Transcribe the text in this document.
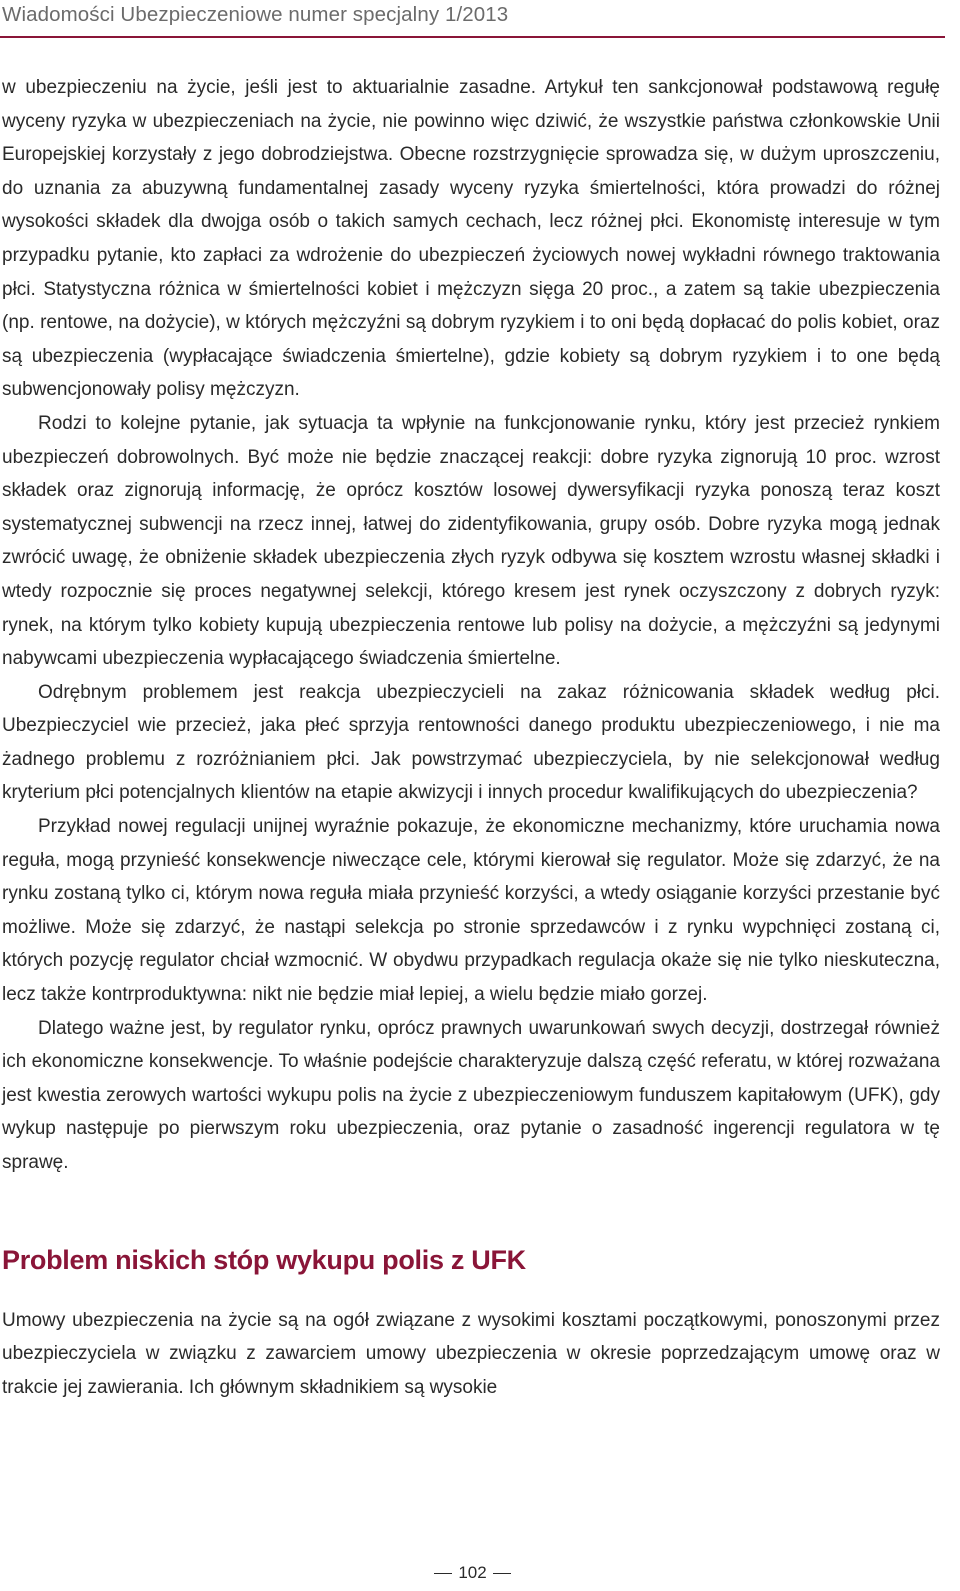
Wiadomości Ubezpieczeniowe numer specjalny 1/2013

w ubezpieczeniu na życie, jeśli jest to aktuarialnie zasadne. Artykuł ten sankcjonował podstawową regułę wyceny ryzyka w ubezpieczeniach na życie, nie powinno więc dziwić, że wszystkie państwa członkowskie Unii Europejskiej korzystały z jego dobrodziejstwa. Obecne rozstrzygnięcie sprowadza się, w dużym uproszczeniu, do uznania za abuzywną fundamentalnej zasady wyceny ryzyka śmiertelności, która prowadzi do różnej wysokości składek dla dwojga osób o takich samych cechach, lecz różnej płci. Ekonomistę interesuje w tym przypadku pytanie, kto zapłaci za wdrożenie do ubezpieczeń życiowych nowej wykładni równego traktowania płci. Statystyczna różnica w śmiertelności kobiet i mężczyzn sięga 20 proc., a zatem są takie ubezpieczenia (np. rentowe, na dożycie), w których mężczyźni są dobrym ryzykiem i to oni będą dopłacać do polis kobiet, oraz są ubezpieczenia (wypłacające świadczenia śmiertelne), gdzie kobiety są dobrym ryzykiem i to one będą subwencjonowały polisy mężczyzn.

Rodzi to kolejne pytanie, jak sytuacja ta wpłynie na funkcjonowanie rynku, który jest przecież rynkiem ubezpieczeń dobrowolnych. Być może nie będzie znaczącej reakcji: dobre ryzyka zignorują 10 proc. wzrost składek oraz zignorują informację, że oprócz kosztów losowej dywersyfikacji ryzyka ponoszą teraz koszt systematycznej subwencji na rzecz innej, łatwej do zidentyfikowania, grupy osób. Dobre ryzyka mogą jednak zwrócić uwagę, że obniżenie składek ubezpieczenia złych ryzyk odbywa się kosztem wzrostu własnej składki i wtedy rozpocznie się proces negatywnej selekcji, którego kresem jest rynek oczyszczony z dobrych ryzyk: rynek, na którym tylko kobiety kupują ubezpieczenia rentowe lub polisy na dożycie, a mężczyźni są jedynymi nabywcami ubezpieczenia wypłacającego świadczenia śmiertelne.

Odrębnym problemem jest reakcja ubezpieczycieli na zakaz różnicowania składek według płci. Ubezpieczyciel wie przecież, jaka płeć sprzyja rentowności danego produktu ubezpieczeniowego, i nie ma żadnego problemu z rozróżnianiem płci. Jak powstrzymać ubezpieczyciela, by nie selekcjonował według kryterium płci potencjalnych klientów na etapie akwizycji i innych procedur kwalifikujących do ubezpieczenia?

Przykład nowej regulacji unijnej wyraźnie pokazuje, że ekonomiczne mechanizmy, które uruchamia nowa reguła, mogą przynieść konsekwencje niweczące cele, którymi kierował się regulator. Może się zdarzyć, że na rynku zostaną tylko ci, którym nowa reguła miała przynieść korzyści, a wtedy osiąganie korzyści przestanie być możliwe. Może się zdarzyć, że nastąpi selekcja po stronie sprzedawców i z rynku wypchnięci zostaną ci, których pozycję regulator chciał wzmocnić. W obydwu przypadkach regulacja okaże się nie tylko nieskuteczna, lecz także kontrproduktywna: nikt nie będzie miał lepiej, a wielu będzie miało gorzej.

Dlatego ważne jest, by regulator rynku, oprócz prawnych uwarunkowań swych decyzji, dostrzegał również ich ekonomiczne konsekwencje. To właśnie podejście charakteryzuje dalszą część referatu, w której rozważana jest kwestia zerowych wartości wykupu polis na życie z ubezpieczeniowym funduszem kapitałowym (UFK), gdy wykup następuje po pierwszym roku ubezpieczenia, oraz pytanie o zasadność ingerencji regulatora w tę sprawę.

Problem niskich stóp wykupu polis z UFK

Umowy ubezpieczenia na życie są na ogół związane z wysokimi kosztami początkowymi, ponoszonymi przez ubezpieczyciela w związku z zawarciem umowy ubezpieczenia w okresie poprzedzającym umowę oraz w trakcie jej zawierania. Ich głównym składnikiem są wysokie

102
